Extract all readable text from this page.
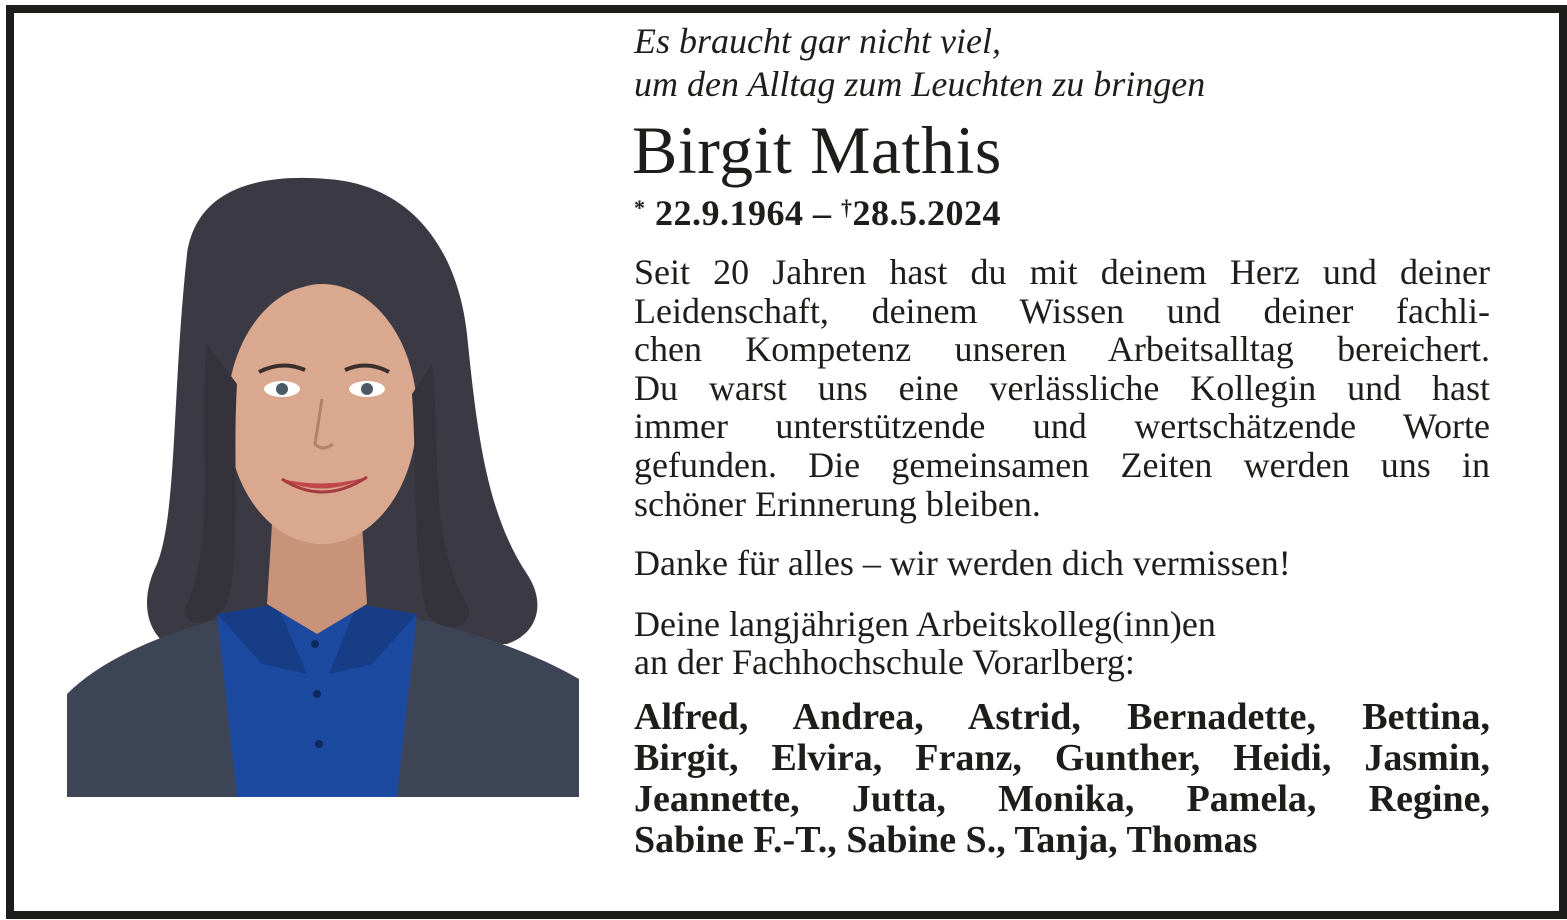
Es braucht gar nicht viel,
um den Alltag zum Leuchten zu bringen

Birgit Mathis

* 22.9.1964 – †28.5.2024

Seit 20 Jahren hast du mit deinem Herz und deiner
Leidenschaft, deinem Wissen und deiner fachli-
chen Kompetenz unseren Arbeitsalltag bereichert.
Du warst uns eine verlässliche Kollegin und hast
immer unterstützende und wertschätzende Worte
gefunden. Die gemeinsamen Zeiten werden uns in
schöner Erinnerung bleiben.

Danke für alles – wir werden dich vermissen!

Deine langjährigen Arbeitskolleg(inn)en
an der Fachhochschule Vorarlberg:

Alfred, Andrea, Astrid, Bernadette, Bettina,
Birgit, Elvira, Franz, Gunther, Heidi, Jasmin,
Jeannette, Jutta, Monika, Pamela, Regine,
Sabine F.-T., Sabine S., Tanja, Thomas
